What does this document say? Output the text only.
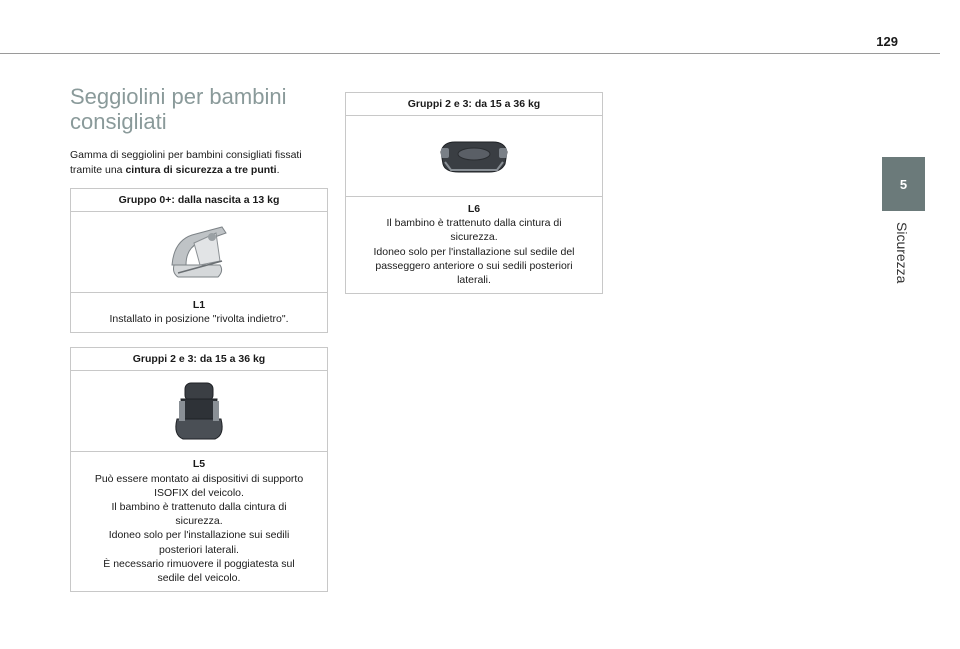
129
5
Sicurezza
Seggiolini per bambini
consigliati

Gamma di seggiolini per bambini consigliati fissati tramite una cintura di sicurezza a tre punti.

Gruppo 0+: dalla nascita a 13 kg
L1
Installato in posizione "rivolta indietro".
Gruppi 2 e 3: da 15 a 36 kg
L5
Può essere montato ai dispositivi di supporto
ISOFIX del veicolo.
Il bambino è trattenuto dalla cintura di
sicurezza.
Idoneo solo per l'installazione sui sedili
posteriori laterali.
È necessario rimuovere il poggiatesta sul
sedile del veicolo.
Gruppi 2 e 3: da 15 a 36 kg
L6
Il bambino è trattenuto dalla cintura di
sicurezza.
Idoneo solo per l'installazione sul sedile del
passeggero anteriore o sui sedili posteriori
laterali.
